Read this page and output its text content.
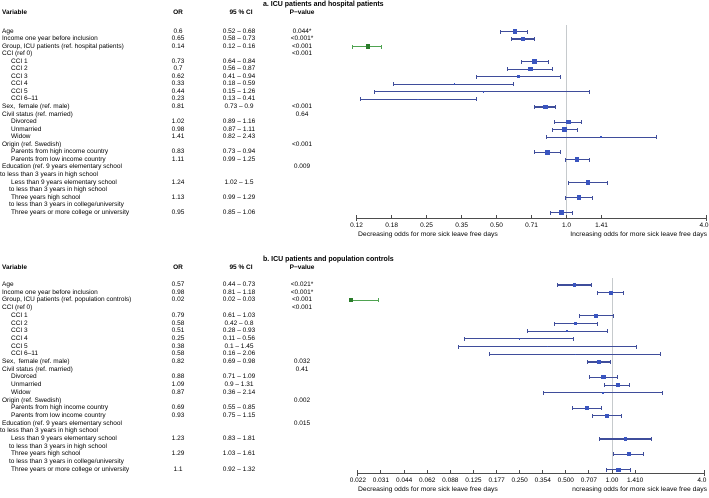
a. ICU patients and hospital patients
Variable	OR	95 % CI	P−value
Age	0.6	0.52 – 0.68	0.044*
Income one year before inclusion	0.65	0.58 – 0.73	<0.001*
Group, ICU patients (ref. hospital patients)	0.14	0.12 – 0.16	<0.001
CCI (ref 0)	<0.001
CCI 1	0.73	0.64 – 0.84
CCI 2	0.7	0.56 – 0.87
CCI 3	0.62	0.41 – 0.94
CCI 4	0.33	0.18 – 0.59
CCI 5	0.44	0.15 – 1.26
CCI 6–11	0.23	0.13 – 0.41
Sex,  female (ref. male)	0.81	0.73 – 0.9	<0.001
Civil status (ref. married)	0.64
Divorced	1.02	0.89 – 1.16
Unmarried	0.98	0.87 – 1.11
Widow	1.41	0.82 – 2.43
Origin (ref. Swedish)	<0.001
Parents from high income country	0.83	0.73 – 0.94
Parents from low income country	1.11	0.99 – 1.25
Education (ref. 9 years elementary school	0.009
to less than 3 years in high school
Less than 9 years elementary school	1.24	1.02 – 1.5
to less than 3 years in high school
Three years high school	1.13	0.99 – 1.29
to less than 3 years in college/university
Three years or more college or university	0.95	0.85 – 1.06
0.12	0.18	0.25	0.35	0.50	0.71	1.0	1.41	4.0
Decreasing odds for more sick leave free days	Increasing odds for more sick leave free days
b. ICU patients and population controls
Variable	OR	95 % CI	P−value
Age	0.57	0.44 – 0.73	<0.021*
Income one year before inclusion	0.98	0.81 – 1.18	<0.001*
Group, ICU patients (ref. population controls)	0.02	0.02 – 0.03	<0.001
CCI (ref 0)	<0.001
CCI 1	0.79	0.61 – 1.03
CCI 2	0.58	0.42 – 0.8
CCI 3	0.51	0.28 – 0.93
CCI 4	0.25	0.11 – 0.56
CCI 5	0.38	0.1 – 1.45
CCI 6–11	0.58	0.16 – 2.06
Sex,  female (ref. male)	0.82	0.69 – 0.98	0.032
Civil status (ref. married)	0.41
Divorced	0.88	0.71 – 1.09
Unmarried	1.09	0.9 – 1.31
Widow	0.87	0.36 – 2.14
Origin (ref. Swedish)	0.002
Parents from high income country	0.69	0.55 – 0.85
Parents from low income country	0.93	0.75 – 1.15
Education (ref. 9 years elementary school	0.015
to less than 3 years in high school
Less than 9 years elementary school	1.23	0.83 – 1.81
to less than 3 years in high school
Three years high school	1.29	1.03 – 1.61
to less than 3 years in college/university
Three years or more college or university	1.1	0.92 – 1.32
0.022	0.031	0.044	0.062	0.088	0.125	0.177	0.250	0.354	0.500	0.707	1.00	1.410	4.0
Decreasing odds for more sick leave free days	ncreasing odds for more sick leave free days
